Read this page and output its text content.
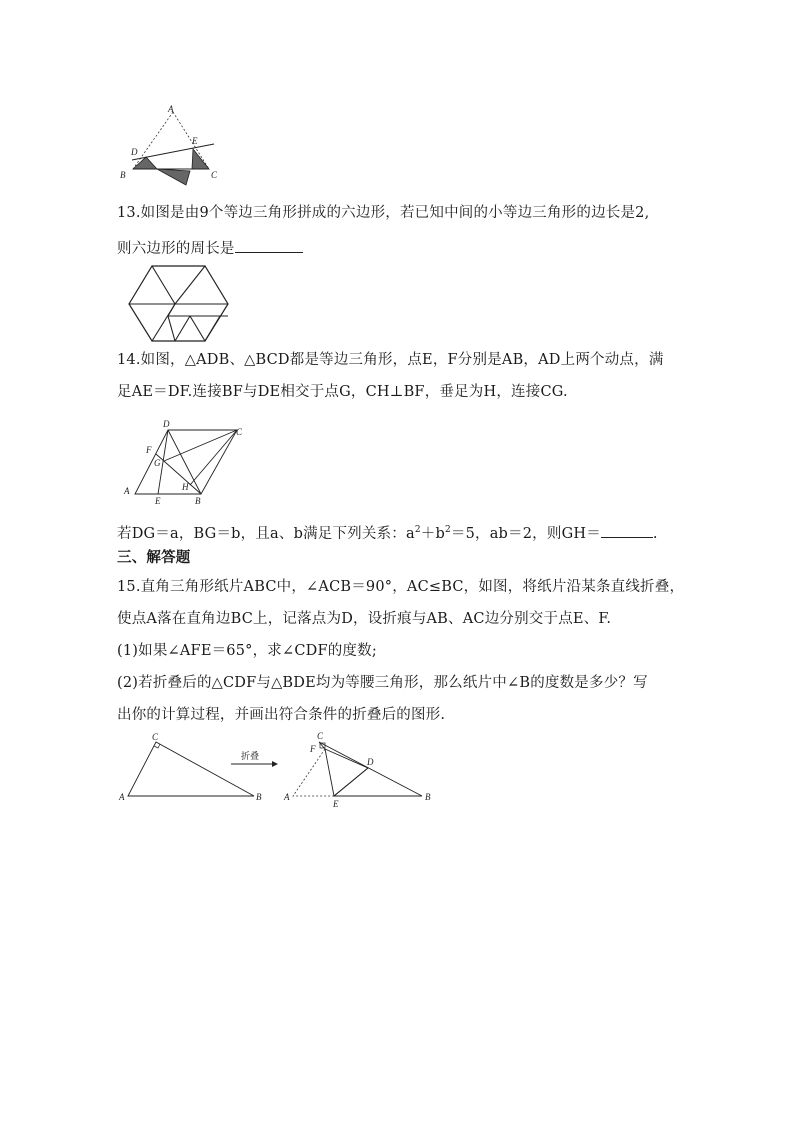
A
D
E
B	C
13.如图是由9个等边三角形拼成的六边形，若已知中间的小等边三角形的边长是2,
则六边形的周长是
14.如图，△ADB、△BCD都是等边三角形，点E，F分别是AB，AD上两个动点，满
足AE＝DF.连接BF与DE相交于点G，CH⊥BF，垂足为H，连接CG.
D
C
F
G
A
E
H
B
若DG＝a，BG＝b，且a、b满足下列关系：$a^2+b^2=5$，ab＝2，则GH＝	.
三、解答题
15.直角三角形纸片ABC中，∠ACB＝90°，AC≤BC，如图，将纸片沿某条直线折叠，
使点A落在直角边BC上，记落点为D，设折痕与AB、AC边分别交于点E、F.
(1)如果∠AFE＝65°，求∠CDF的度数;
(2)若折叠后的△CDF与△BDE均为等腰三角形，那么纸片中∠B的度数是多少？写
出你的计算过程，并画出符合条件的折叠后的图形.
A
C
B
折叠
C
F
D
A
E
B
